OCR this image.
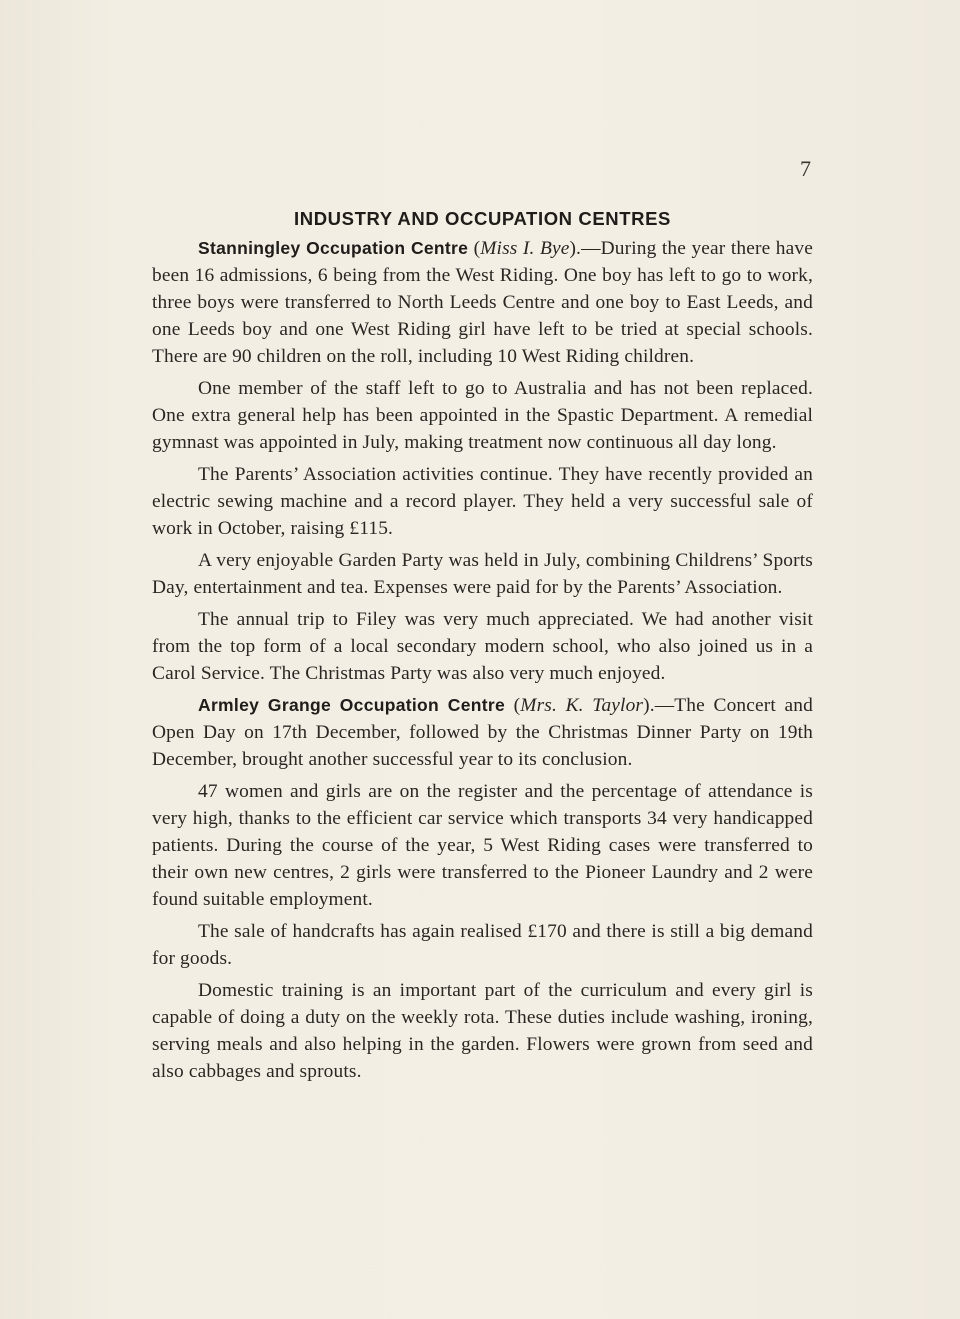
7
INDUSTRY AND OCCUPATION CENTRES

Stanningley Occupation Centre (Miss I. Bye).—During the year there have been 16 admissions, 6 being from the West Riding. One boy has left to go to work, three boys were transferred to North Leeds Centre and one boy to East Leeds, and one Leeds boy and one West Riding girl have left to be tried at special schools. There are 90 children on the roll, including 10 West Riding children.

One member of the staff left to go to Australia and has not been replaced. One extra general help has been appointed in the Spastic Department. A remedial gymnast was appointed in July, making treatment now continuous all day long.

The Parents’ Association activities continue. They have recently provided an electric sewing machine and a record player. They held a very successful sale of work in October, raising £115.

A very enjoyable Garden Party was held in July, combining Childrens’ Sports Day, entertainment and tea. Expenses were paid for by the Parents’ Association.

The annual trip to Filey was very much appreciated. We had another visit from the top form of a local secondary modern school, who also joined us in a Carol Service. The Christmas Party was also very much enjoyed.

Armley Grange Occupation Centre (Mrs. K. Taylor).—The Concert and Open Day on 17th December, followed by the Christmas Dinner Party on 19th December, brought another successful year to its conclusion.

47 women and girls are on the register and the percentage of attendance is very high, thanks to the efficient car service which transports 34 very handicapped patients. During the course of the year, 5 West Riding cases were transferred to their own new centres, 2 girls were transferred to the Pioneer Laundry and 2 were found suitable employment.

The sale of handcrafts has again realised £170 and there is still a big demand for goods.

Domestic training is an important part of the curriculum and every girl is capable of doing a duty on the weekly rota. These duties include washing, ironing, serving meals and also helping in the garden. Flowers were grown from seed and also cabbages and sprouts.
